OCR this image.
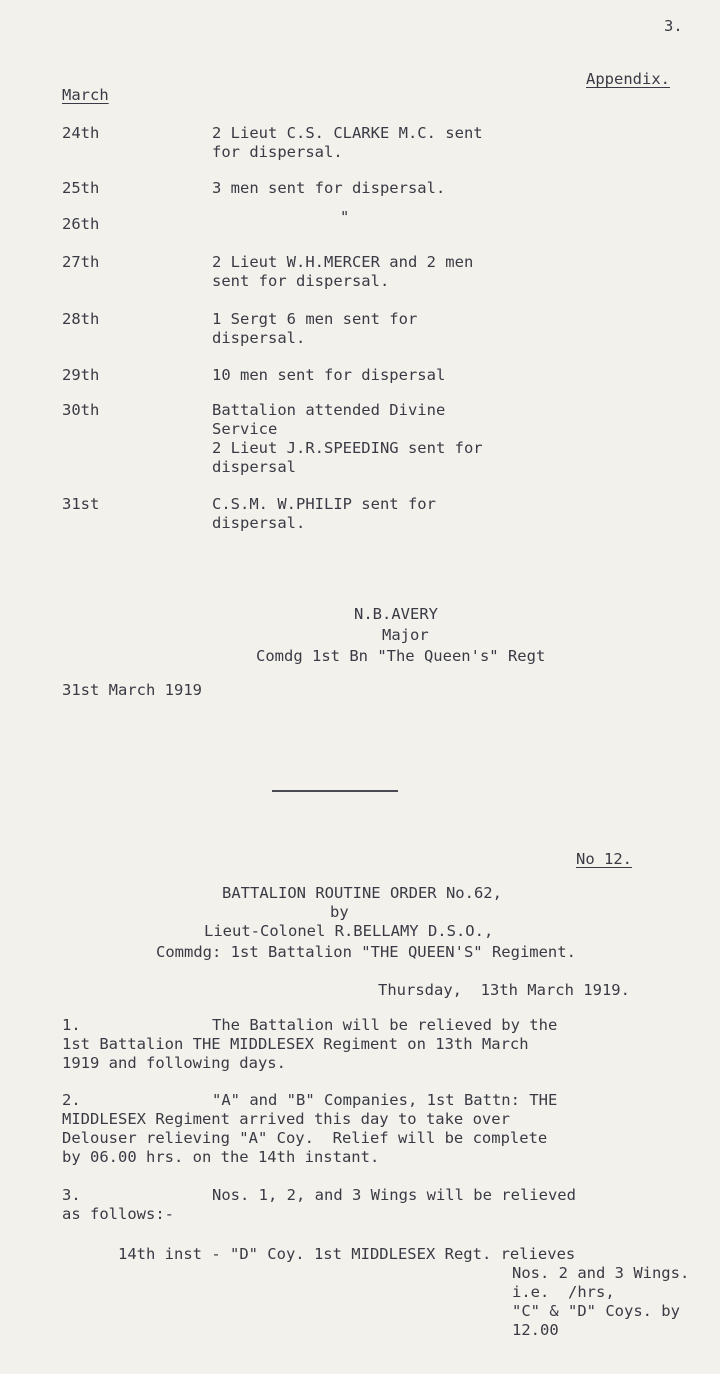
3.

Appendix.

March

24th	2 Lieut C.S. CLARKE M.C. sent

for dispersal.

25th	3 men sent for dispersal.

26th	"

27th	2 Lieut W.H.MERCER and 2 men

sent for dispersal.

28th	1 Sergt 6 men sent for

dispersal.

29th	10 men sent for dispersal

30th	Battalion attended Divine

Service

2 Lieut J.R.SPEEDING sent for

dispersal

31st	C.S.M. W.PHILIP sent for

dispersal.

N.B.AVERY

Major

Comdg 1st Bn "The Queen's" Regt

31st March 1919

No 12.

BATTALION ROUTINE ORDER No.62,

by

Lieut-Colonel R.BELLAMY D.S.O.,

Commdg: 1st Battalion "THE QUEEN'S" Regiment.

Thursday,  13th March 1919.

1.	The Battalion will be relieved by the

1st Battalion THE MIDDLESEX Regiment on 13th March

1919 and following days.

2.	"A" and "B" Companies, 1st Battn: THE

MIDDLESEX Regiment arrived this day to take over

Delouser relieving "A" Coy.  Relief will be complete

by 06.00 hrs. on the 14th instant.

3.	Nos. 1, 2, and 3 Wings will be relieved

as follows:-

14th inst - "D" Coy. 1st MIDDLESEX Regt. relieves

Nos. 2 and 3 Wings.

i.e.  /hrs,

"C" & "D" Coys. by

12.00
